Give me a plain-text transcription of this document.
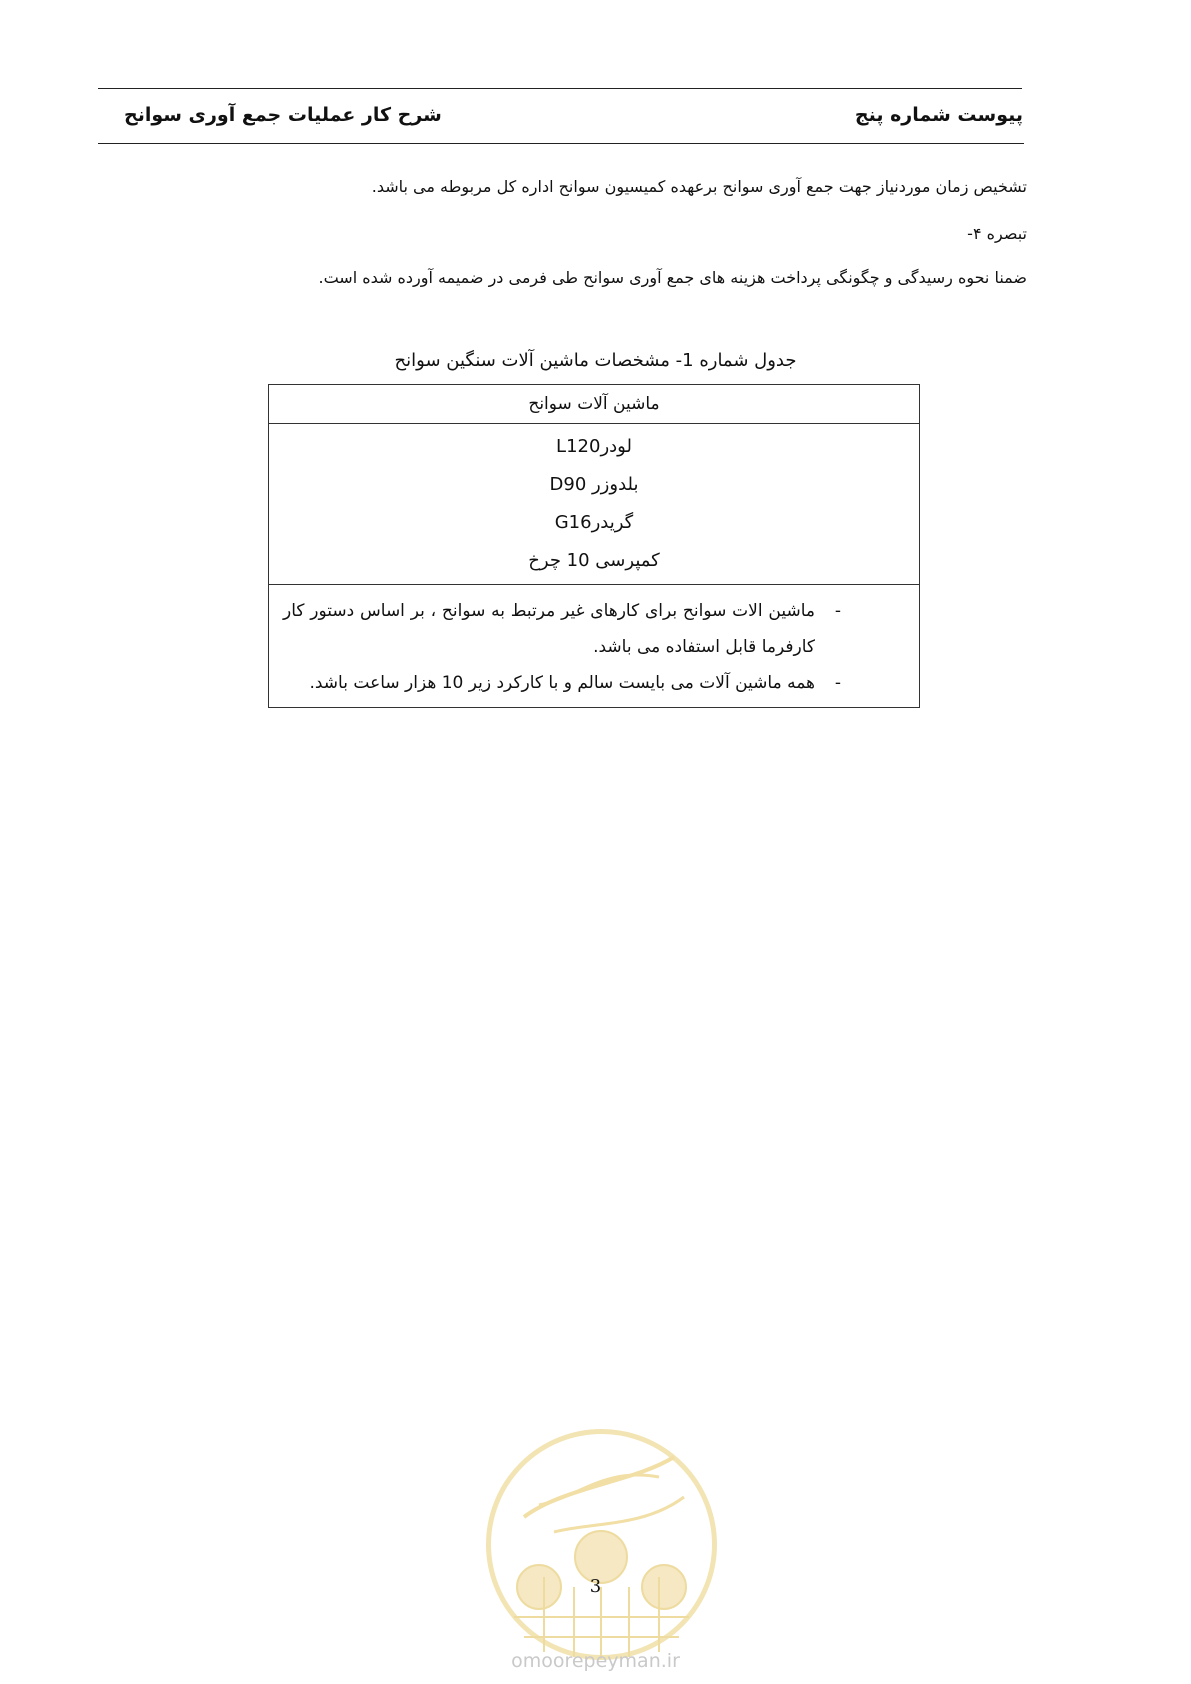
پیوست شماره پنج
شرح کار عملیات جمع آوری سوانح
تشخیص زمان موردنیاز جهت جمع آوری سوانح برعهده کمیسیون سوانح اداره کل مربوطه می باشد.
تبصره ۴-
ضمنا نحوه رسیدگی و چگونگی پرداخت هزینه های جمع آوری سوانح طی فرمی در ضمیمه آورده شده است.
جدول شماره 1- مشخصات ماشین آلات سنگین سوانح
ماشین آلات سوانح

لودرL120
بلدوزر D90
گریدرG16
کمپرسی 10 چرخ

-
ماشین الات سوانح برای کارهای غیر مرتبط به سوانح ، بر اساس دستور کار کارفرما قابل استفاده می باشد.
-
همه ماشین آلات می بایست سالم و با کارکرد زیر 10 هزار ساعت باشد.
3
omoorepeyman.ir
